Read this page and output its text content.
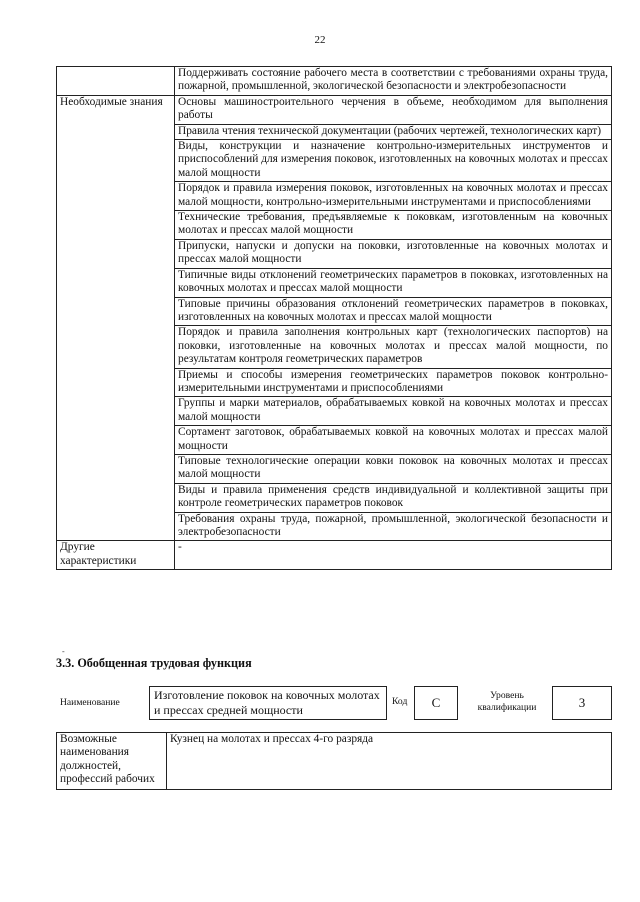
22
	Поддерживать состояние рабочего места в соответствии с требованиями охраны труда, пожарной, промышленной, экологической безопасности и электробезопасности
Необходимые знания	Основы машиностроительного черчения в объеме, необходимом для выполнения работы
	Правила чтения технической документации (рабочих чертежей, технологических карт)
	Виды, конструкции и назначение контрольно-измерительных инструментов и приспособлений для измерения поковок, изготовленных на ковочных молотах и прессах малой мощности
	Порядок и правила измерения поковок, изготовленных на ковочных молотах и прессах малой мощности, контрольно-измерительными инструментами и приспособлениями
	Технические требования, предъявляемые к поковкам, изготовленным на ковочных молотах и прессах малой мощности
	Припуски, напуски и допуски на поковки, изготовленные на ковочных молотах и прессах малой мощности
	Типичные виды отклонений геометрических параметров в поковках, изготовленных на ковочных молотах и прессах малой мощности
	Типовые причины образования отклонений геометрических параметров в поковках, изготовленных на ковочных молотах и прессах малой мощности
	Порядок и правила заполнения контрольных карт (технологических паспортов) на поковки, изготовленные на ковочных молотах и прессах малой мощности, по результатам контроля геометрических параметров
	Приемы и способы измерения геометрических параметров поковок контрольно-измерительными инструментами и приспособлениями
	Группы и марки материалов, обрабатываемых ковкой на ковочных молотах и прессах малой мощности
	Сортамент заготовок, обрабатываемых ковкой на ковочных молотах и прессах малой мощности
	Типовые технологические операции ковки поковок на ковочных молотах и прессах малой мощности
	Виды и правила применения средств индивидуальной и коллективной защиты при контроле геометрических параметров поковок
	Требования охраны труда, пожарной, промышленной, экологической безопасности и электробезопасности
Другие характеристики	-
-
3.3. Обобщенная трудовая функция
Наименование
Изготовление поковок на ковочных молотах и прессах средней мощности
Код	C	Уровень квалификации	3
Возможные наименования должностей, профессий рабочих	Кузнец на молотах и прессах 4-го разряда
